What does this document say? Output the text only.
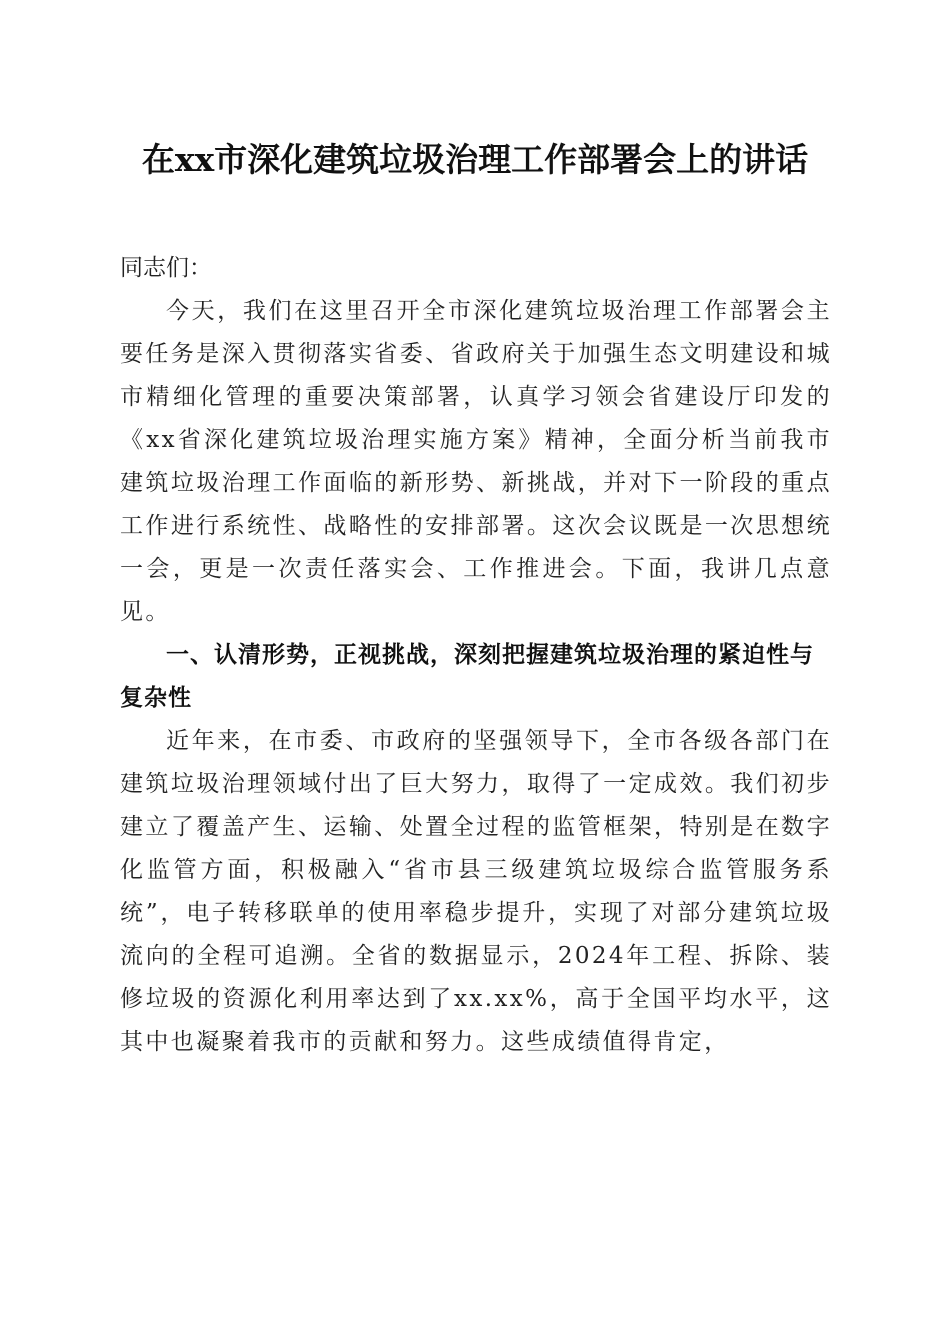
在xx市深化建筑垃圾治理工作部署会上的讲话

同志们：

今天，我们在这里召开全市深化建筑垃圾治理工作部署会主要任务是深入贯彻落实省委、省政府关于加强生态文明建设和城市精细化管理的重要决策部署，认真学习领会省建设厅印发的《xx省深化建筑垃圾治理实施方案》精神，全面分析当前我市建筑垃圾治理工作面临的新形势、新挑战，并对下一阶段的重点工作进行系统性、战略性的安排部署。这次会议既是一次思想统一会，更是一次责任落实会、工作推进会。下面，我讲几点意见。

一、认清形势，正视挑战，深刻把握建筑垃圾治理的紧迫性与复杂性

近年来，在市委、市政府的坚强领导下，全市各级各部门在建筑垃圾治理领域付出了巨大努力，取得了一定成效。我们初步建立了覆盖产生、运输、处置全过程的监管框架，特别是在数字化监管方面，积极融入“省市县三级建筑垃圾综合监管服务系统”，电子转移联单的使用率稳步提升，实现了对部分建筑垃圾流向的全程可追溯。全省的数据显示，2024年工程、拆除、装修垃圾的资源化利用率达到了xx.xx%，高于全国平均水平，这其中也凝聚着我市的贡献和努力。这些成绩值得肯定，
